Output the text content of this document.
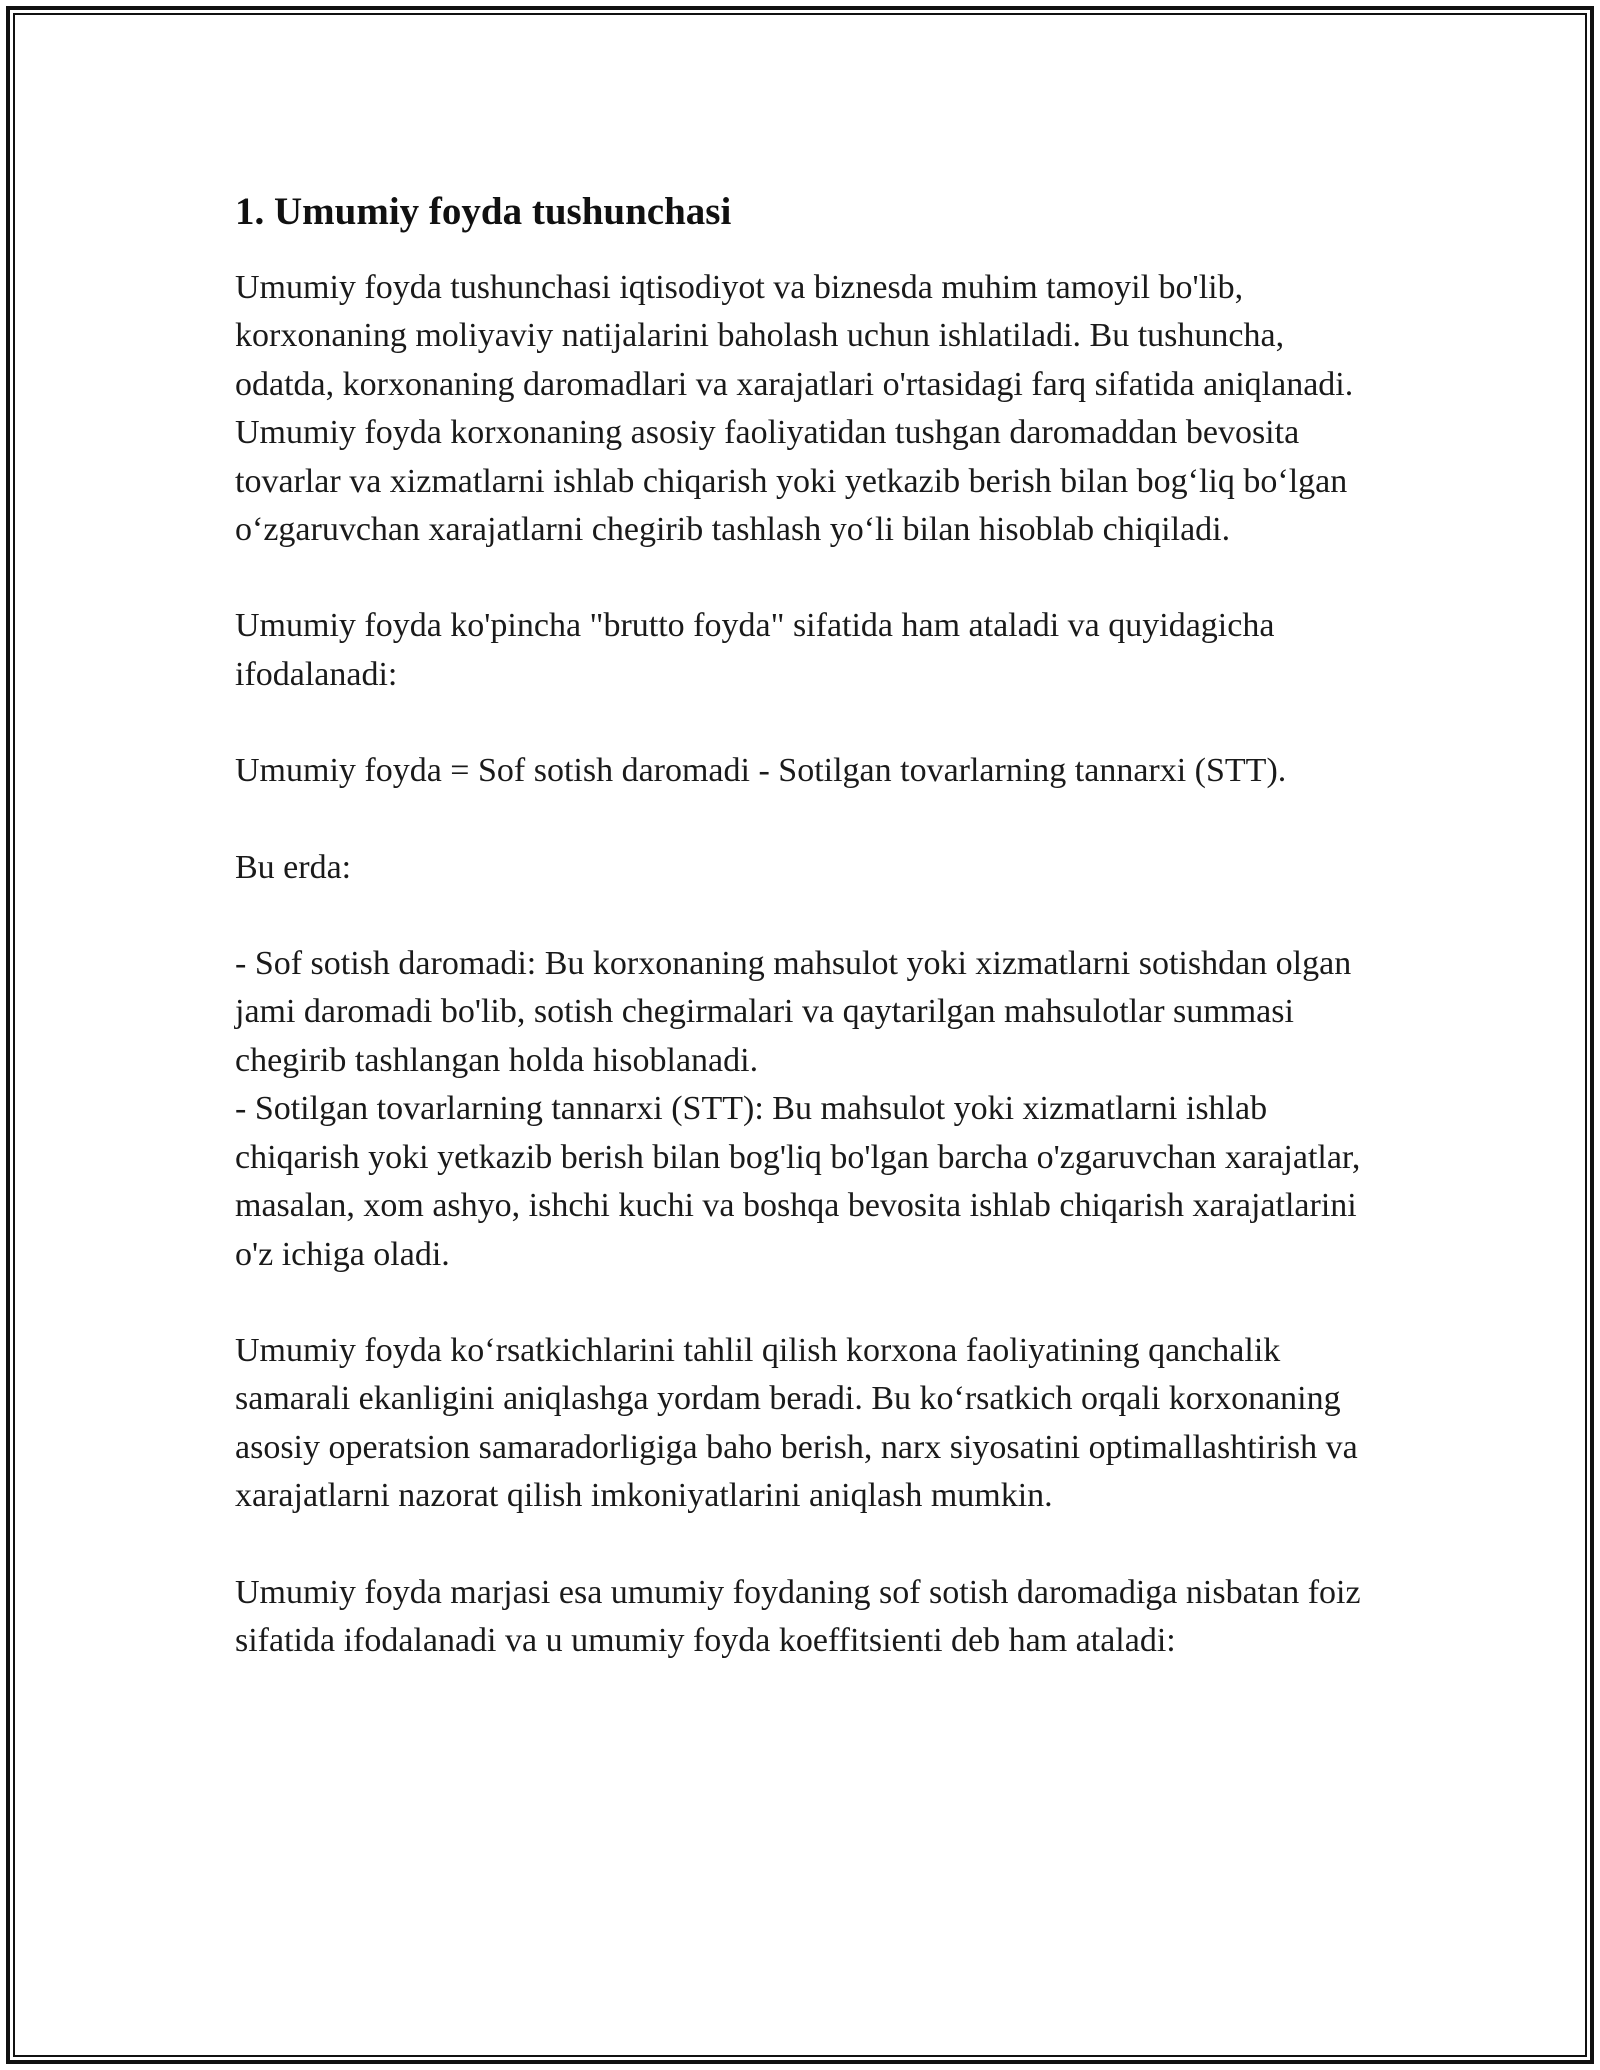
1. Umumiy foyda tushunchasi

Umumiy foyda tushunchasi iqtisodiyot va biznesda muhim tamoyil bo'lib, korxonaning moliyaviy natijalarini baholash uchun ishlatiladi. Bu tushuncha, odatda, korxonaning daromadlari va xarajatlari o'rtasidagi farq sifatida aniqlanadi. Umumiy foyda korxonaning asosiy faoliyatidan tushgan daromaddan bevosita tovarlar va xizmatlarni ishlab chiqarish yoki yetkazib berish bilan bog‘liq bo‘lgan o‘zgaruvchan xarajatlarni chegirib tashlash yo‘li bilan hisoblab chiqiladi.

Umumiy foyda ko'pincha "brutto foyda" sifatida ham ataladi va quyidagicha ifodalanadi:

Umumiy foyda = Sof sotish daromadi - Sotilgan tovarlarning tannarxi (STT).

Bu erda:

- Sof sotish daromadi: Bu korxonaning mahsulot yoki xizmatlarni sotishdan olgan jami daromadi bo'lib, sotish chegirmalari va qaytarilgan mahsulotlar summasi chegirib tashlangan holda hisoblanadi.

- Sotilgan tovarlarning tannarxi (STT): Bu mahsulot yoki xizmatlarni ishlab chiqarish yoki yetkazib berish bilan bog'liq bo'lgan barcha o'zgaruvchan xarajatlar, masalan, xom ashyo, ishchi kuchi va boshqa bevosita ishlab chiqarish xarajatlarini o'z ichiga oladi.

Umumiy foyda ko‘rsatkichlarini tahlil qilish korxona faoliyatining qanchalik samarali ekanligini aniqlashga yordam beradi. Bu ko‘rsatkich orqali korxonaning asosiy operatsion samaradorligiga baho berish, narx siyosatini optimallashtirish va xarajatlarni nazorat qilish imkoniyatlarini aniqlash mumkin.

Umumiy foyda marjasi esa umumiy foydaning sof sotish daromadiga nisbatan foiz sifatida ifodalanadi va u umumiy foyda koeffitsienti deb ham ataladi:
